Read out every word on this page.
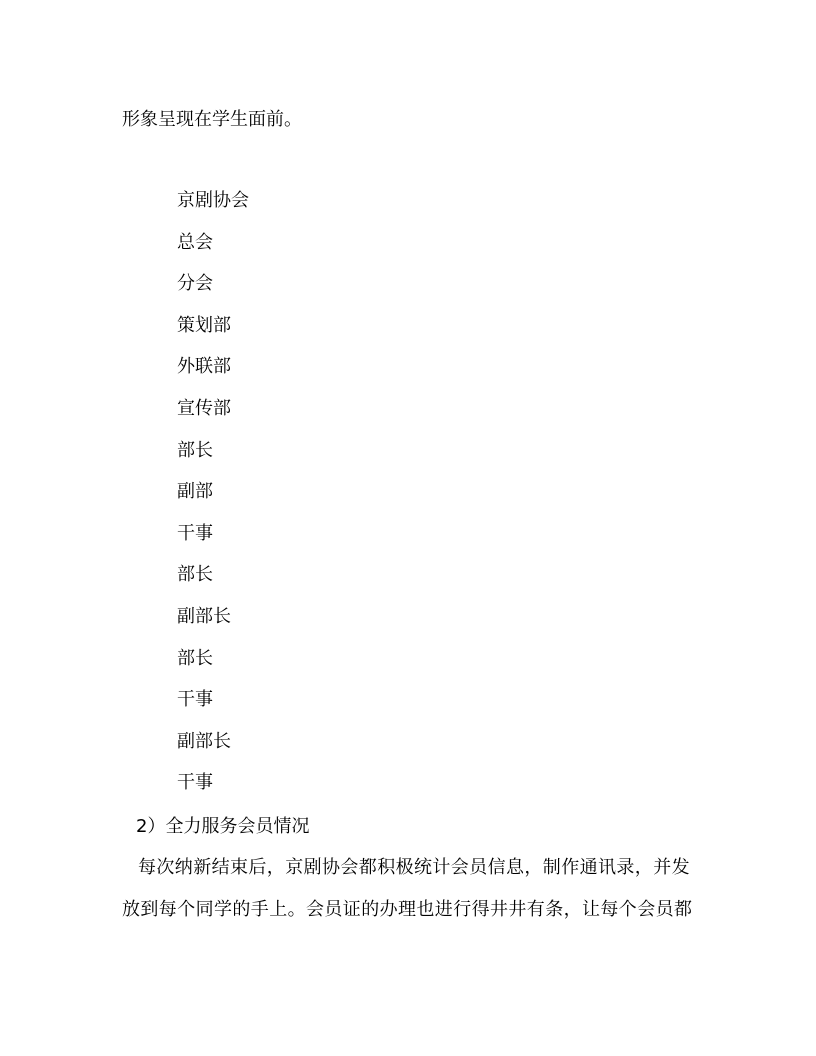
形象呈现在学生面前。
京剧协会
总会
分会
策划部
外联部
宣传部
部长
副部
干事
部长
副部长
部长
干事
副部长
干事
2）全力服务会员情况
每次纳新结束后，京剧协会都积极统计会员信息，制作通讯录，并发
放到每个同学的手上。会员证的办理也进行得井井有条，让每个会员都
